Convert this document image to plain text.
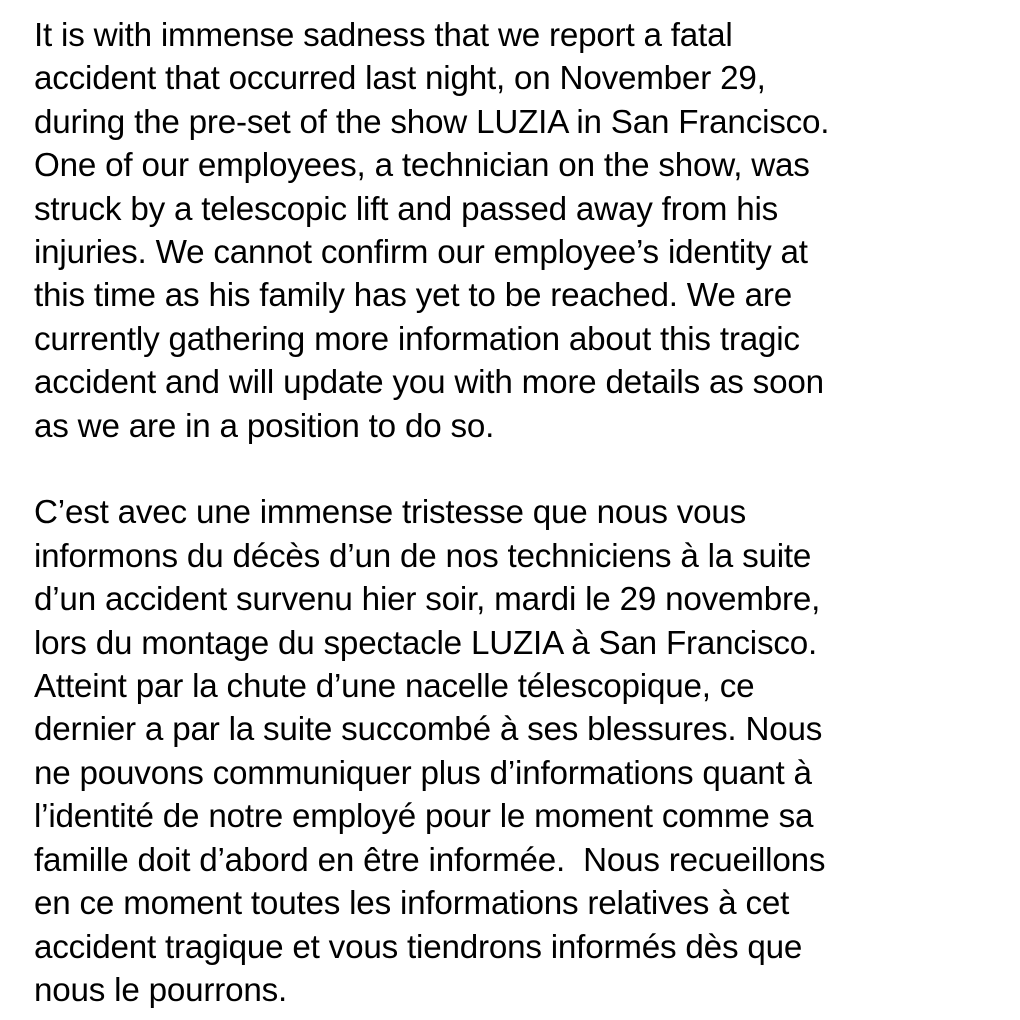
It is with immense sadness that we report a fatal
accident that occurred last night, on November 29,
during the pre-set of the show LUZIA in San Francisco.
One of our employees, a technician on the show, was
struck by a telescopic lift and passed away from his
injuries. We cannot confirm our employee’s identity at
this time as his family has yet to be reached. We are
currently gathering more information about this tragic
accident and will update you with more details as soon
as we are in a position to do so.

C’est avec une immense tristesse que nous vous
informons du décès d’un de nos techniciens à la suite
d’un accident survenu hier soir, mardi le 29 novembre,
lors du montage du spectacle LUZIA à San Francisco.
Atteint par la chute d’une nacelle télescopique, ce
dernier a par la suite succombé à ses blessures. Nous
ne pouvons communiquer plus d’informations quant à
l’identité de notre employé pour le moment comme sa
famille doit d’abord en être informée.  Nous recueillons
en ce moment toutes les informations relatives à cet
accident tragique et vous tiendrons informés dès que
nous le pourrons.
